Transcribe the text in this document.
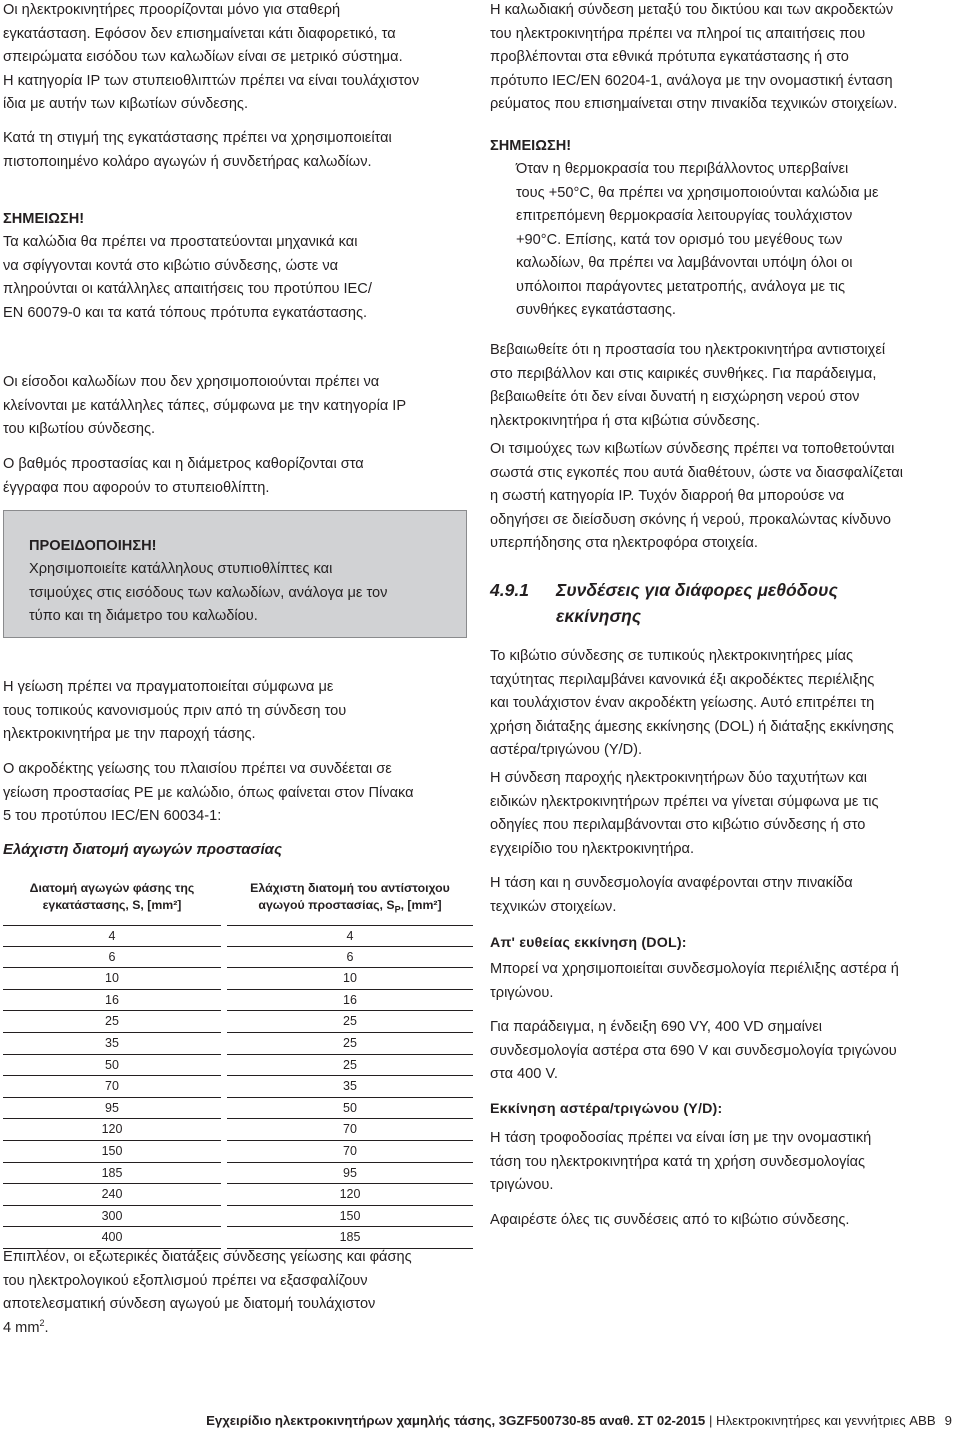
Οι ηλεκτροκινητήρες προορίζονται μόνο για σταθερή
εγκατάσταση. Εφόσον δεν επισημαίνεται κάτι διαφορετικό, τα
σπειρώματα εισόδου των καλωδίων είναι σε μετρικό σύστημα.
Η κατηγορία IP των στυπειοθλιπτών πρέπει να είναι τουλάχιστον
ίδια με αυτήν των κιβωτίων σύνδεσης.

Κατά τη στιγμή της εγκατάστασης πρέπει να χρησιμοποιείται
πιστοποιημένο κολάρο αγωγών ή συνδετήρας καλωδίων.

ΣΗΜΕΙΩΣΗ!

Τα καλώδια θα πρέπει να προστατεύονται μηχανικά και
να σφίγγονται κοντά στο κιβώτιο σύνδεσης, ώστε να
πληρούνται οι κατάλληλες απαιτήσεις του προτύπου IEC/
EN 60079-0 και τα κατά τόπους πρότυπα εγκατάστασης.

Οι είσοδοι καλωδίων που δεν χρησιμοποιούνται πρέπει να
κλείνονται με κατάλληλες τάπες, σύμφωνα με την κατηγορία IP
του κιβωτίου σύνδεσης.

Ο βαθμός προστασίας και η διάμετρος καθορίζονται στα
έγγραφα που αφορούν το στυπειοθλίπτη.

ΠΡΟΕΙΔΟΠΟΙΗΣΗ!

Χρησιμοποιείτε κατάλληλους στυπιοθλίπτες και
τσιμούχες στις εισόδους των καλωδίων, ανάλογα με τον
τύπο και τη διάμετρο του καλωδίου.

Η γείωση πρέπει να πραγματοποιείται σύμφωνα με
τους τοπικούς κανονισμούς πριν από τη σύνδεση του
ηλεκτροκινητήρα με την παροχή τάσης.

Ο ακροδέκτης γείωσης του πλαισίου πρέπει να συνδέεται σε
γείωση προστασίας PE με καλώδιο, όπως φαίνεται στον Πίνακα
5 του προτύπου IEC/EN 60034-1:

Ελάχιστη διατομή αγωγών προστασίας
Διατομή αγωγών φάσης της
εγκατάστασης, S, [mm²]
Ελάχιστη διατομή του αντίστοιχου
αγωγού προστασίας, $S_P$, [mm²]
4	4
6	6
10	10
16	16
25	25
35	25
50	25
70	35
95	50
120	70
150	70
185	95
240	120
300	150
400	185

Επιπλέον, οι εξωτερικές διατάξεις σύνδεσης γείωσης και φάσης
του ηλεκτρολογικού εξοπλισμού πρέπει να εξασφαλίζουν
αποτελεσματική σύνδεση αγωγού με διατομή τουλάχιστον
4 $mm^2$.

Η καλωδιακή σύνδεση μεταξύ του δικτύου και των ακροδεκτών
του ηλεκτροκινητήρα πρέπει να πληροί τις απαιτήσεις που
προβλέπονται στα εθνικά πρότυπα εγκατάστασης ή στο
πρότυπο IEC/EN 60204-1, ανάλογα με την ονομαστική ένταση
ρεύματος που επισημαίνεται στην πινακίδα τεχνικών στοιχείων.

ΣΗΜΕΙΩΣΗ!

Όταν η θερμοκρασία του περιβάλλοντος υπερβαίνει
τους +50°C, θα πρέπει να χρησιμοποιούνται καλώδια με
επιτρεπόμενη θερμοκρασία λειτουργίας τουλάχιστον
+90°C. Επίσης, κατά τον ορισμό του μεγέθους των
καλωδίων, θα πρέπει να λαμβάνονται υπόψη όλοι οι
υπόλοιποι παράγοντες μετατροπής, ανάλογα με τις
συνθήκες εγκατάστασης.

Βεβαιωθείτε ότι η προστασία του ηλεκτροκινητήρα αντιστοιχεί
στο περιβάλλον και στις καιρικές συνθήκες. Για παράδειγμα,
βεβαιωθείτε ότι δεν είναι δυνατή η εισχώρηση νερού στον
ηλεκτροκινητήρα ή στα κιβώτια σύνδεσης.

Οι τσιμούχες των κιβωτίων σύνδεσης πρέπει να τοποθετούνται
σωστά στις εγκοπές που αυτά διαθέτουν, ώστε να διασφαλίζεται
η σωστή κατηγορία IP. Τυχόν διαρροή θα μπορούσε να
οδηγήσει σε διείσδυση σκόνης ή νερού, προκαλώντας κίνδυνο
υπερπήδησης στα ηλεκτροφόρα στοιχεία.

4.9.1 Συνδέσεις για διάφορες μεθόδους
εκκίνησης

Το κιβώτιο σύνδεσης σε τυπικούς ηλεκτροκινητήρες μίας
ταχύτητας περιλαμβάνει κανονικά έξι ακροδέκτες περιέλιξης
και τουλάχιστον έναν ακροδέκτη γείωσης. Αυτό επιτρέπει τη
χρήση διάταξης άμεσης εκκίνησης (DOL) ή διάταξης εκκίνησης
αστέρα/τριγώνου (Y/D).

Η σύνδεση παροχής ηλεκτροκινητήρων δύο ταχυτήτων και
ειδικών ηλεκτροκινητήρων πρέπει να γίνεται σύμφωνα με τις
οδηγίες που περιλαμβάνονται στο κιβώτιο σύνδεσης ή στο
εγχειρίδιο του ηλεκτροκινητήρα.

Η τάση και η συνδεσμολογία αναφέρονται στην πινακίδα
τεχνικών στοιχείων.

Απ' ευθείας εκκίνηση (DOL):

Μπορεί να χρησιμοποιείται συνδεσμολογία περιέλιξης αστέρα ή
τριγώνου.

Για παράδειγμα, η ένδειξη 690 VY, 400 VD σημαίνει
συνδεσμολογία αστέρα στα 690 V και συνδεσμολογία τριγώνου
στα 400 V.

Εκκίνηση αστέρα/τριγώνου (Y/D):

Η τάση τροφοδοσίας πρέπει να είναι ίση με την ονομαστική
τάση του ηλεκτροκινητήρα κατά τη χρήση συνδεσμολογίας
τριγώνου.

Αφαιρέστε όλες τις συνδέσεις από το κιβώτιο σύνδεσης.

Εγχειρίδιο ηλεκτροκινητήρων χαμηλής τάσης, 3GZF500730-85 αναθ. ΣΤ 02-2015 | Ηλεκτροκινητήρες και γεννήτριες ABB 9
